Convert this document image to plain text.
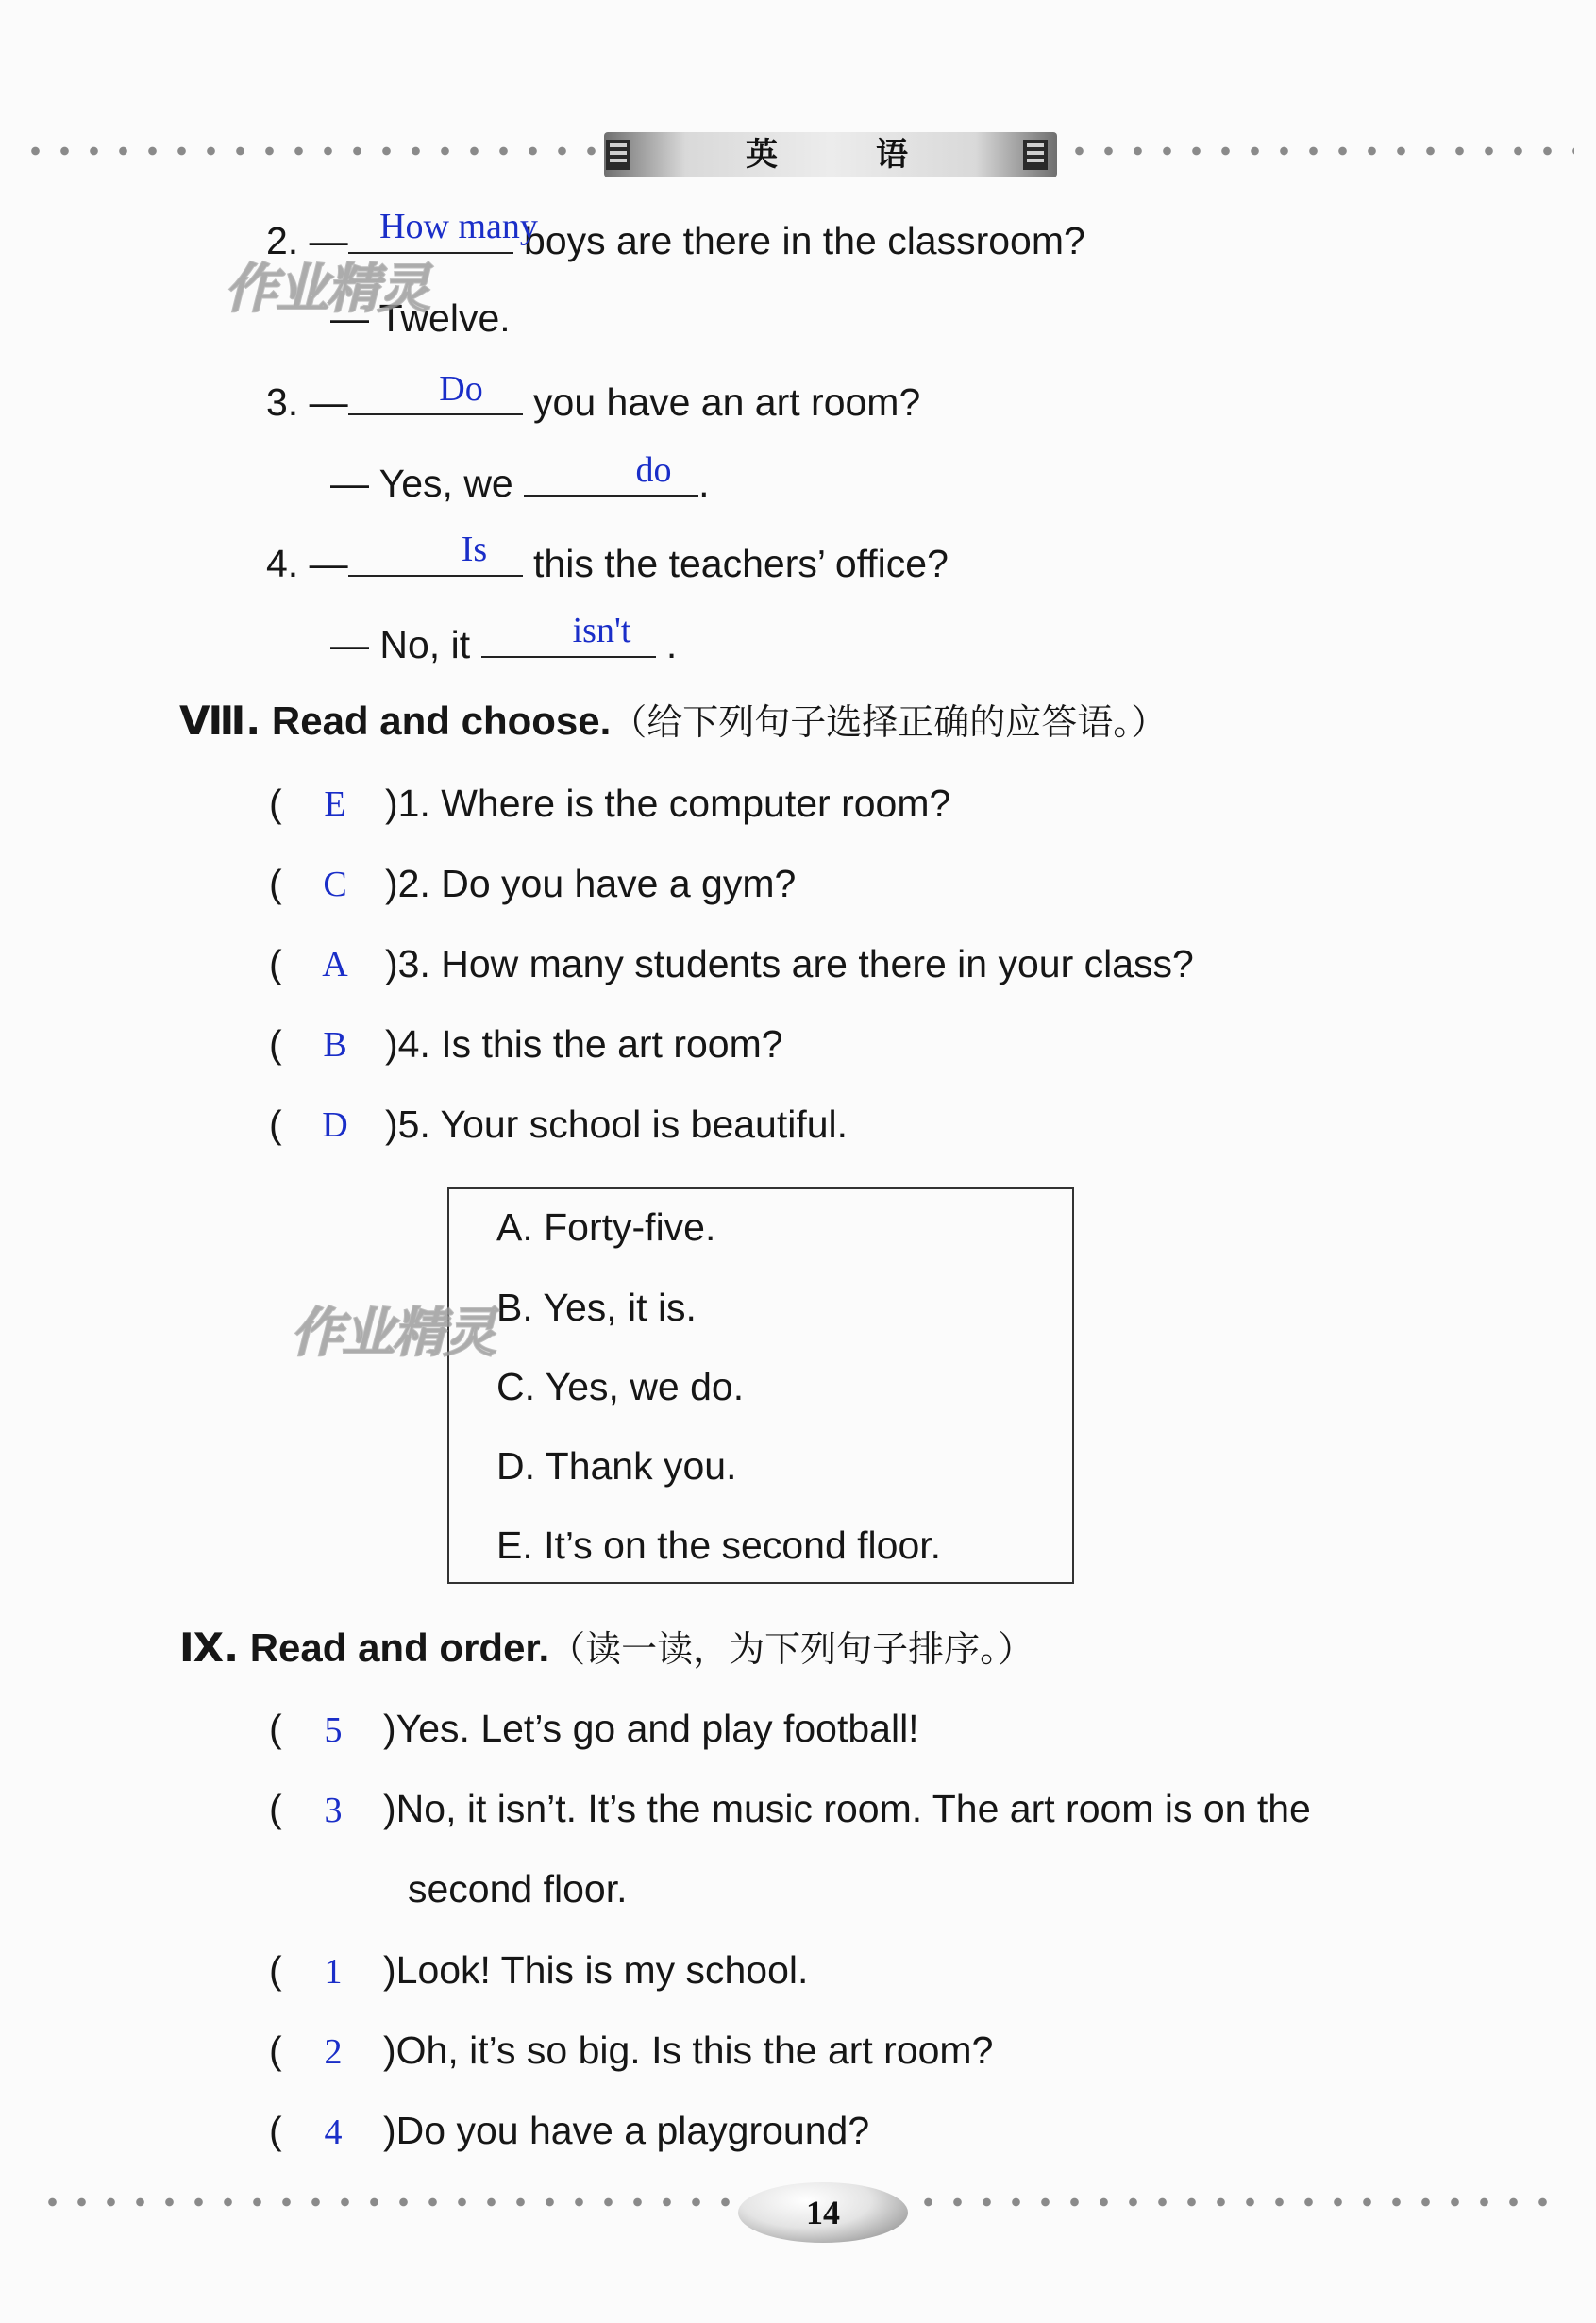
英	语
2. —	boys are there in the classroom?
How many
— Twelve.
3. —	you have an art room?
Do
— Yes, we	.
do
4. —	this the teachers’ office?
Is
— No, it	.
isn't
Ⅷ. Read and choose.（给下列句子选择正确的应答语。）
(	E	)1. Where is the computer room?
(	C )2. Do you have a gym?
( A )3. How many students are there in your class?
(	B )4. Is this the art room?
( D )5. Your school is beautiful.
A. Forty-five.
B. Yes, it is.
C. Yes, we do.
D. Thank you.
E. It’s on the second floor.
Ⅸ. Read and order.（读一读，为下列句子排序。）
(	5	)Yes. Let’s go and play football!
(	3	)No, it isn’t. It’s the music room. The art room is on the
second floor.
(	1	)Look! This is my school.
(	2	)Oh, it’s so big. Is this the art room?
(	4	)Do you have a playground?
作业精灵
作业精灵
14
